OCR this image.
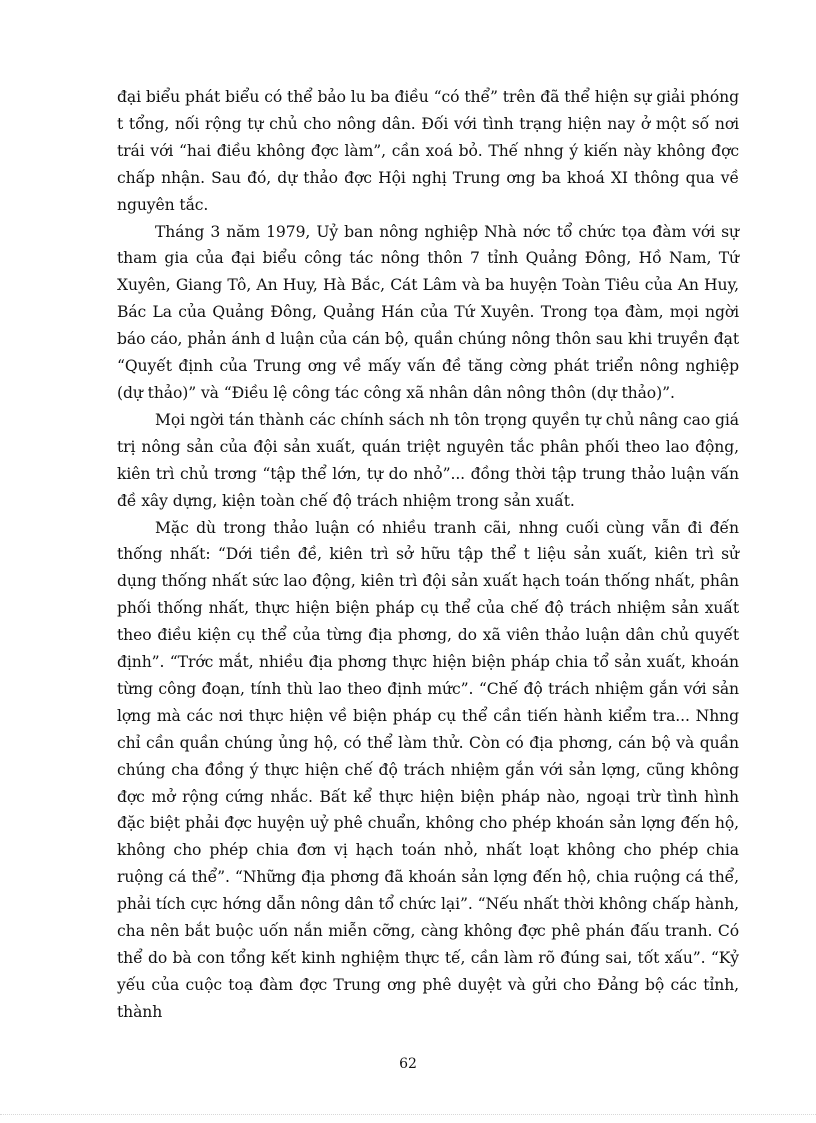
đại biểu phát biểu có thể bảo lu ba điều “có thể” trên đã thể hiện sự giải phóng t tổng, nối rộng tự chủ cho nông dân. Đối với tình trạng hiện nay ở một số nơi trái với “hai điều không đợc làm”, cần xoá bỏ. Thế nhng ý kiến này không đợc chấp nhận. Sau đó, dự thảo đợc Hội nghị Trung ơng ba khoá XI thông qua về nguyên tắc.

Tháng 3 năm 1979, Uỷ ban nông nghiệp Nhà nớc tổ chức tọa đàm với sự tham gia của đại biểu công tác nông thôn 7 tỉnh Quảng Đông, Hồ Nam, Tứ Xuyên, Giang Tô, An Huy, Hà Bắc, Cát Lâm và ba huyện Toàn Tiêu của An Huy, Bác La của Quảng Đông, Quảng Hán của Tứ Xuyên. Trong tọa đàm, mọi ngời báo cáo, phản ánh d luận của cán bộ, quần chúng nông thôn sau khi truyền đạt “Quyết định của Trung ơng về mấy vấn đề tăng cờng phát triển nông nghiệp (dự thảo)” và “Điều lệ công tác công xã nhân dân nông thôn (dự thảo)”.

Mọi ngời tán thành các chính sách nh tôn trọng quyền tự chủ nâng cao giá trị nông sản của đội sản xuất, quán triệt nguyên tắc phân phối theo lao động, kiên trì chủ trơng “tập thể lớn, tự do nhỏ”... đồng thời tập trung thảo luận vấn đề xây dựng, kiện toàn chế độ trách nhiệm trong sản xuất.

Mặc dù trong thảo luận có nhiều tranh cãi, nhng cuối cùng vẫn đi đến thống nhất: “Dới tiền đề, kiên trì sở hữu tập thể t liệu sản xuất, kiên trì sử dụng thống nhất sức lao động, kiên trì đội sản xuất hạch toán thống nhất, phân phối thống nhất, thực hiện biện pháp cụ thể của chế độ trách nhiệm sản xuất theo điều kiện cụ thể của từng địa phơng, do xã viên thảo luận dân chủ quyết định”. “Trớc mắt, nhiều địa phơng thực hiện biện pháp chia tổ sản xuất, khoán từng công đoạn, tính thù lao theo định mức”. “Chế độ trách nhiệm gắn với sản lợng mà các nơi thực hiện về biện pháp cụ thể cần tiến hành kiểm tra... Nhng chỉ cần quần chúng ủng hộ, có thể làm thử. Còn có địa phơng, cán bộ và quần chúng cha đồng ý thực hiện chế độ trách nhiệm gắn với sản lợng, cũng không đợc mở rộng cứng nhắc. Bất kể thực hiện biện pháp nào, ngoại trừ tình hình đặc biệt phải đợc huyện uỷ phê chuẩn, không cho phép khoán sản lợng đến hộ, không cho phép chia đơn vị hạch toán nhỏ, nhất loạt không cho phép chia ruộng cá thể”. “Những địa phơng đã khoán sản lợng đến hộ, chia ruộng cá thể, phải tích cực hớng dẫn nông dân tổ chức lại”. “Nếu nhất thời không chấp hành, cha nên bắt buộc uốn nắn miễn cỡng, càng không đợc phê phán đấu tranh. Có thể do bà con tổng kết kinh nghiệm thực tế, cần làm rõ đúng sai, tốt xấu”. “Kỷ yếu của cuộc toạ đàm đợc Trung ơng phê duyệt và gửi cho Đảng bộ các tỉnh, thành

62
